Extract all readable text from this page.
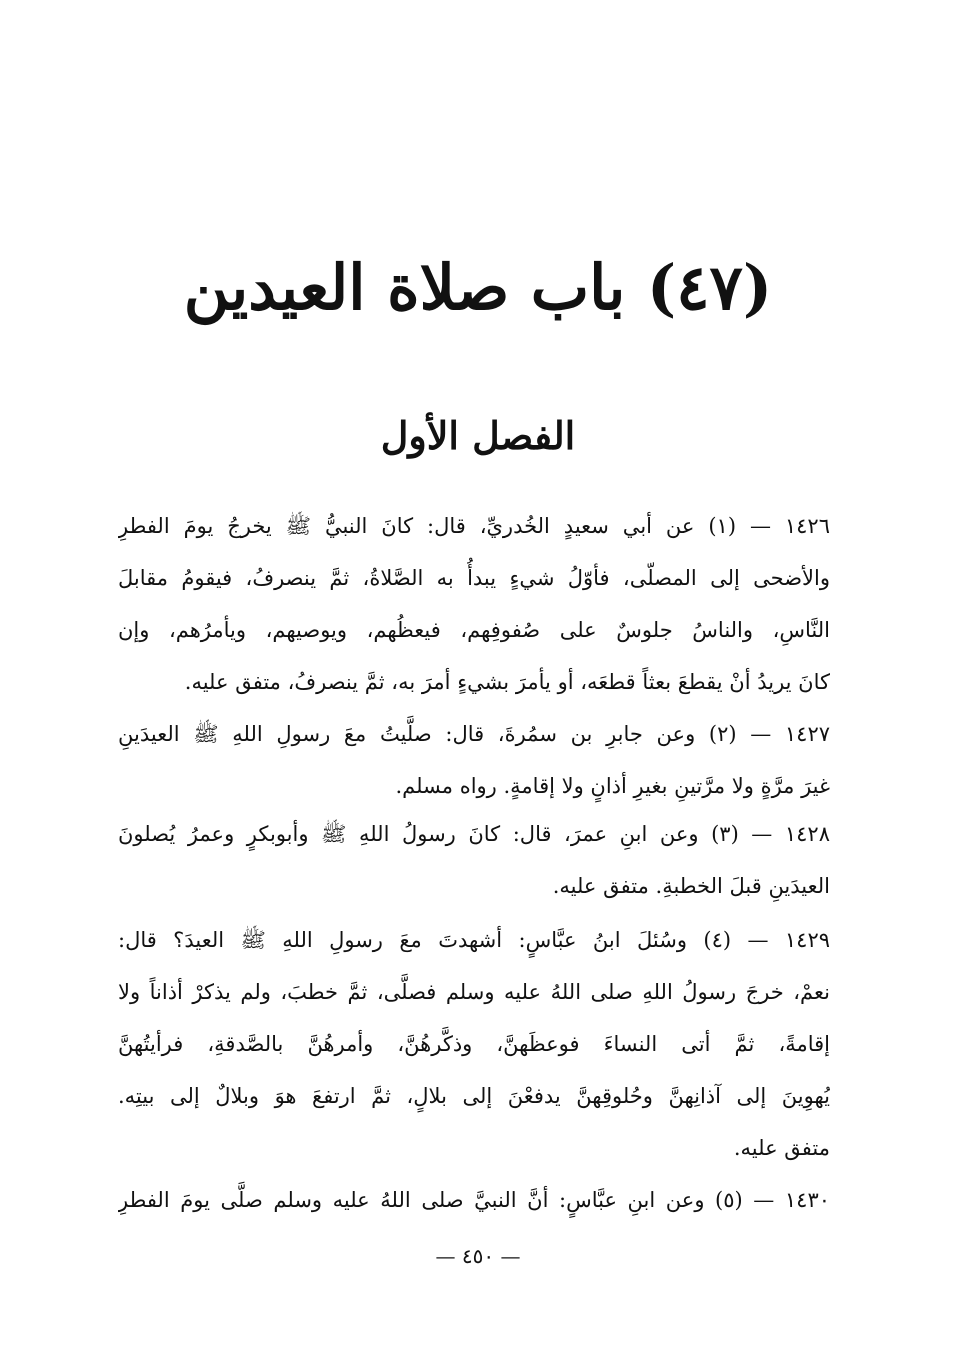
(٤٧) باب صلاة العيدين
الفصل الأول
١٤٢٦ — (١) عن أبي سعيدٍ الخُدريِّ، قال: كانَ النبيُّ ﷺ يخرجُ يومَ الفطرِ
والأضحى إلى المصلّى، فأوّلُ شيءٍ يبدأُ به الصَّلاةُ، ثمَّ ينصرفُ، فيقومُ مقابلَ
النَّاسِ، والناسُ جلوسٌ على صُفوفِهم، فيعظُهم، ويوصيهم، ويأمرُهم، وإن
كانَ يريدُ أنْ يقطعَ بعثاً قطعَه، أو يأمرَ بشيءٍ أمرَ به، ثمَّ ينصرفُ، متفق عليه.
١٤٢٧ — (٢) وعن جابرِ بن سمُرةَ، قال: صلَّيتُ معَ رسولِ اللهِ ﷺ العيدَينِ
غيرَ مرَّةٍ ولا مرَّتينِ بغيرِ أذانٍ ولا إقامةٍ. رواه مسلم.
١٤٢٨ — (٣) وعن ابنِ عمرَ، قال: كانَ رسولُ اللهِ ﷺ وأبوبكرٍ وعمرُ يُصلونَ
العيدَينِ قبلَ الخطبةِ. متفق عليه.
١٤٢٩ — (٤) وسُئلَ ابنُ عبَّاسٍ: أشهدتَ معَ رسولِ اللهِ ﷺ العيدَ؟ قال:
نعمْ، خرجَ رسولُ اللهِ صلى اللهُ عليه وسلم فصلَّى، ثمَّ خطبَ، ولم يذكرْ أذاناً ولا
إقامةً، ثمَّ أتى النساءَ فوعظَهنَّ، وذكَّرهُنَّ، وأمرهُنَّ بالصَّدقةِ، فرأيتُهنَّ
يُهوِينَ إلى آذانِهنَّ وحُلوقِهنَّ يدفعْنَ إلى بلالٍ، ثمَّ ارتفعَ هوَ وبلالٌ إلى بيتِه.
متفق عليه.
١٤٣٠ — (٥) وعن ابنِ عبَّاسٍ: أنَّ النبيَّ صلى اللهُ عليه وسلم صلَّى يومَ الفطرِ
— ٤٥٠ —
